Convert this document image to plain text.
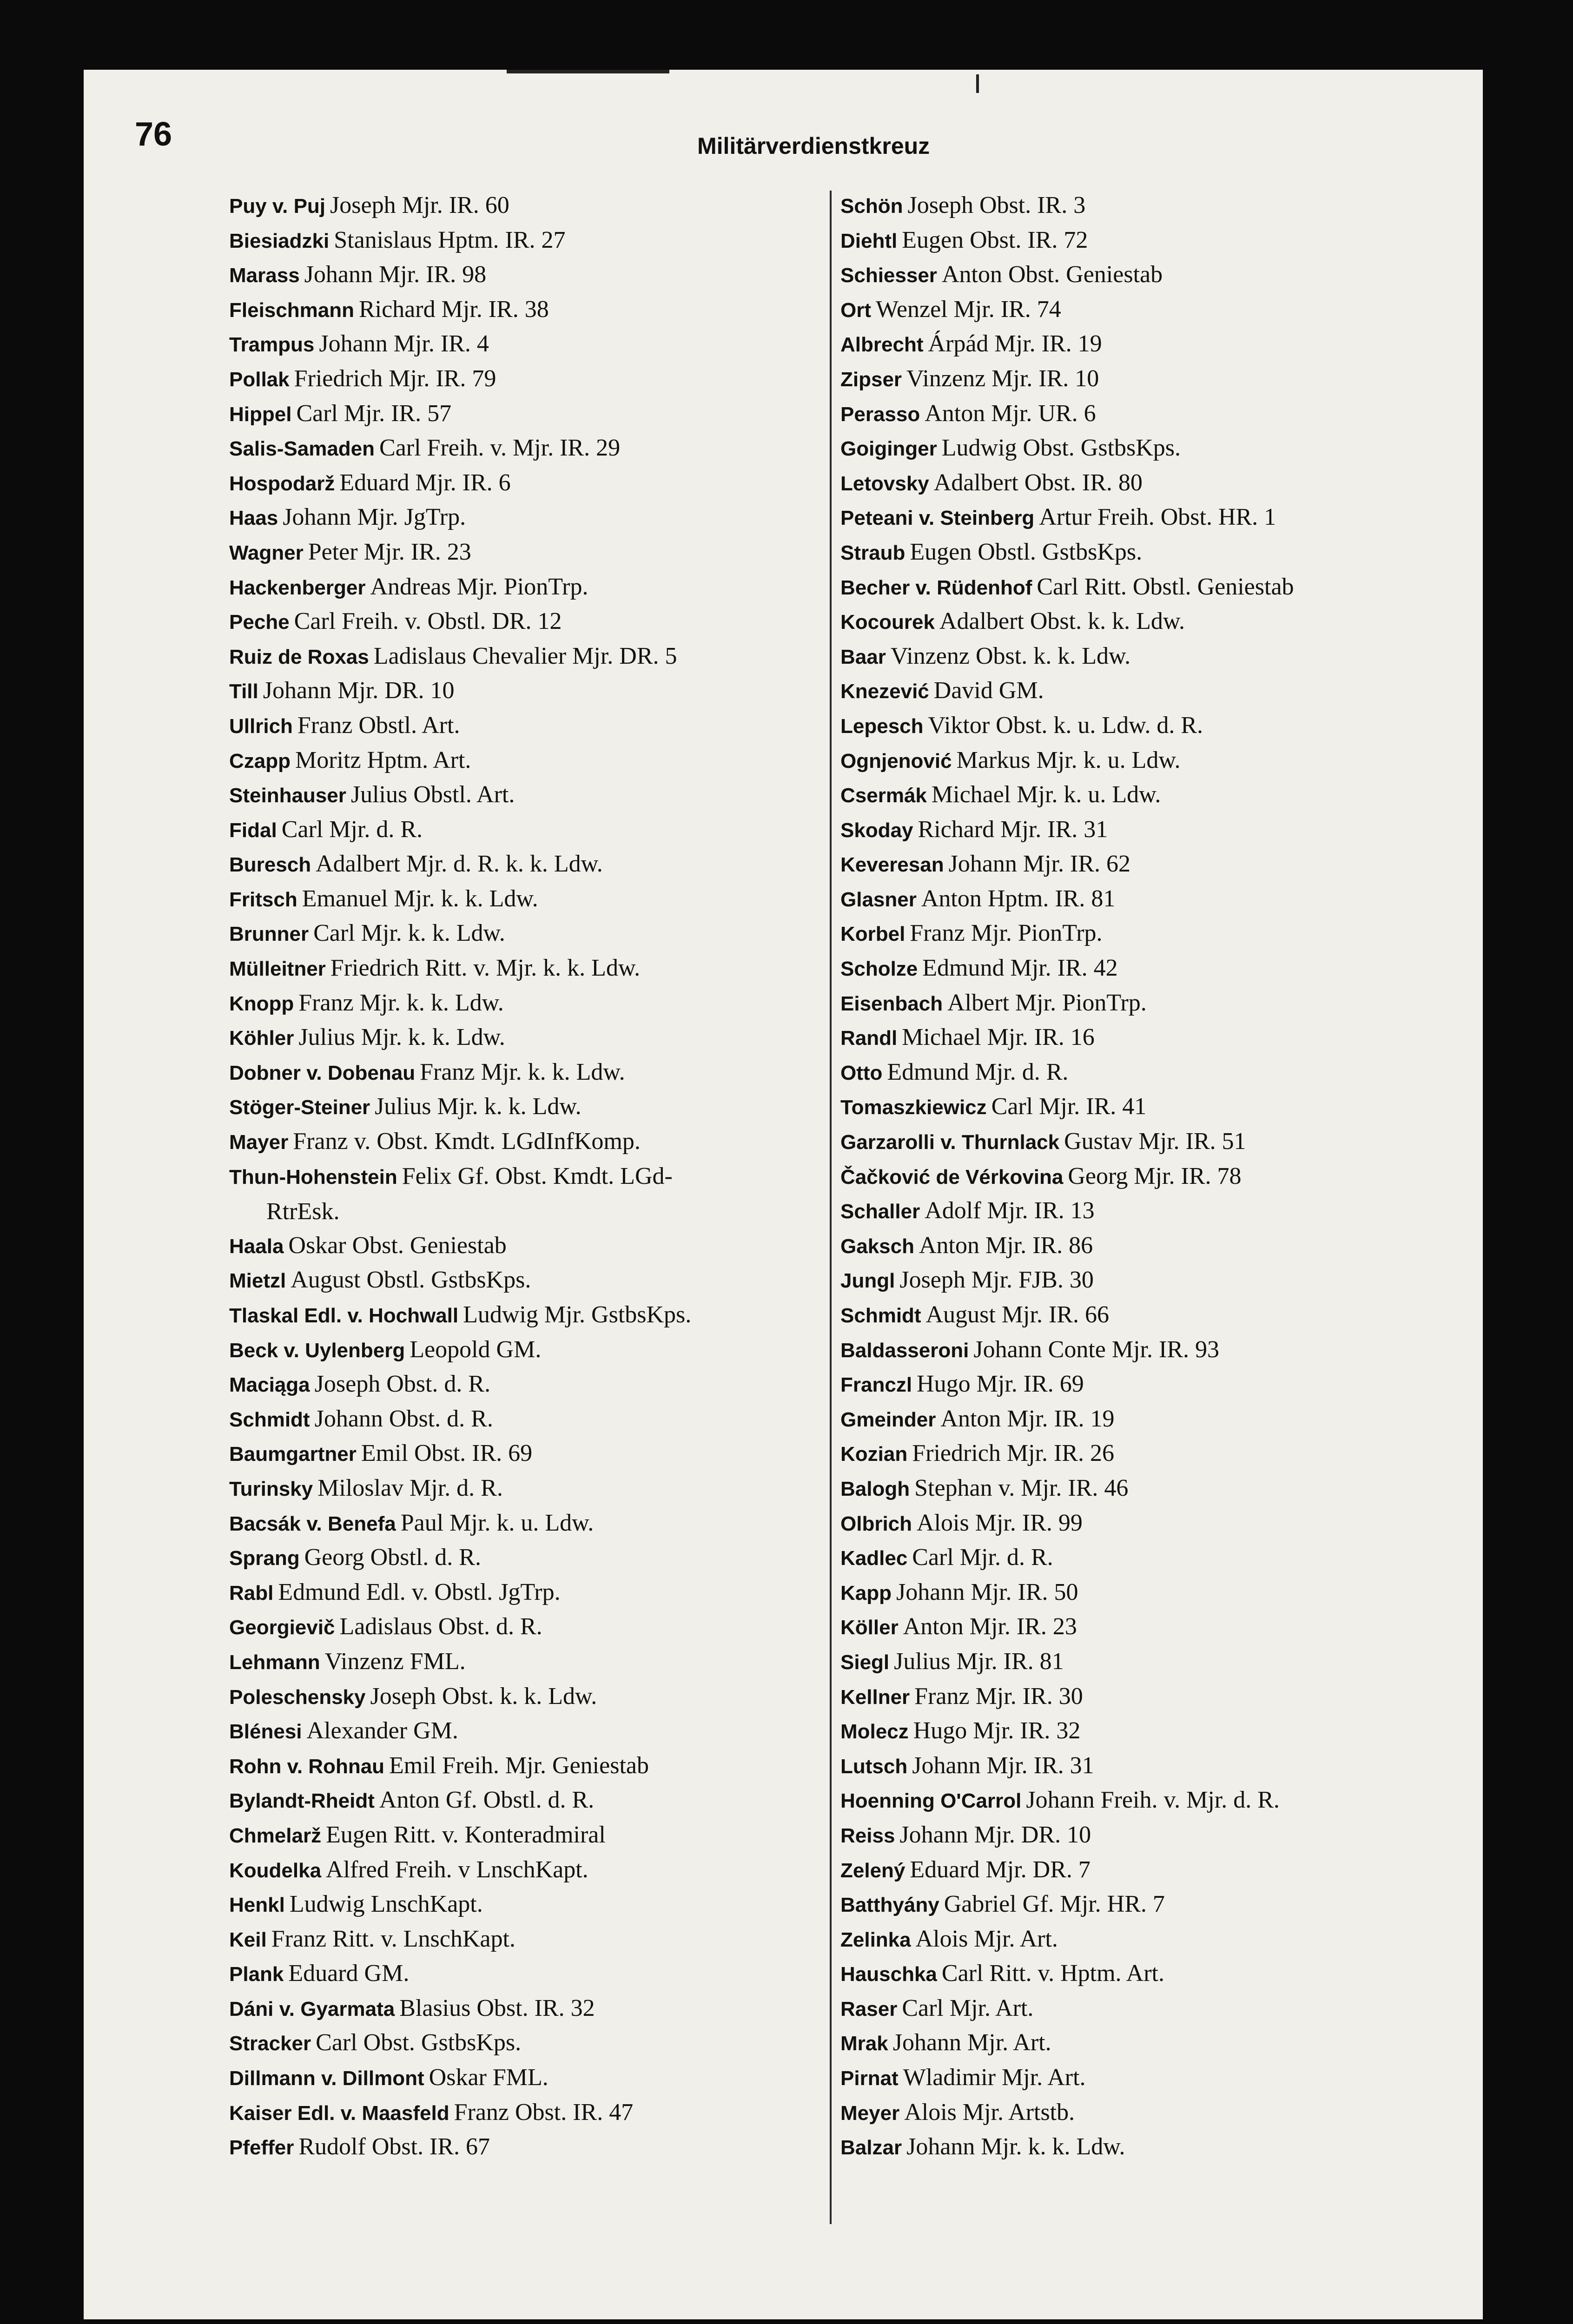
76	Militärverdienstkreuz
Puy v. Puj Joseph Mjr. IR. 60
Biesiadzki Stanislaus Hptm. IR. 27
Marass Johann Mjr. IR. 98
Fleischmann Richard Mjr. IR. 38
Trampus Johann Mjr. IR. 4
Pollak Friedrich Mjr. IR. 79
Hippel Carl Mjr. IR. 57
Salis-Samaden Carl Freih. v. Mjr. IR. 29
Hospodarž Eduard Mjr. IR. 6
Haas Johann Mjr. JgTrp.
Wagner Peter Mjr. IR. 23
Hackenberger Andreas Mjr. PionTrp.
Peche Carl Freih. v. Obstl. DR. 12
Ruiz de Roxas Ladislaus Chevalier Mjr. DR. 5
Till Johann Mjr. DR. 10
Ullrich Franz Obstl. Art.
Czapp Moritz Hptm. Art.
Steinhauser Julius Obstl. Art.
Fidal Carl Mjr. d. R.
Buresch Adalbert Mjr. d. R. k. k. Ldw.
Fritsch Emanuel Mjr. k. k. Ldw.
Brunner Carl Mjr. k. k. Ldw.
Mülleitner Friedrich Ritt. v. Mjr. k. k. Ldw.
Knopp Franz Mjr. k. k. Ldw.
Köhler Julius Mjr. k. k. Ldw.
Dobner v. Dobenau Franz Mjr. k. k. Ldw.
Stöger-Steiner Julius Mjr. k. k. Ldw.
Mayer Franz v. Obst. Kmdt. LGdInfKomp.
Thun-Hohenstein Felix Gf. Obst. Kmdt. LGd-
RtrEsk.
Haala Oskar Obst. Geniestab
Mietzl August Obstl. GstbsKps.
Tlaskal Edl. v. Hochwall Ludwig Mjr. GstbsKps.
Beck v. Uylenberg Leopold GM.
Maciąga Joseph Obst. d. R.
Schmidt Johann Obst. d. R.
Baumgartner Emil Obst. IR. 69
Turinsky Miloslav Mjr. d. R.
Bacsák v. Benefa Paul Mjr. k. u. Ldw.
Sprang Georg Obstl. d. R.
Rabl Edmund Edl. v. Obstl. JgTrp.
Georgievič Ladislaus Obst. d. R.
Lehmann Vinzenz FML.
Poleschensky Joseph Obst. k. k. Ldw.
Blénesi Alexander GM.
Rohn v. Rohnau Emil Freih. Mjr. Geniestab
Bylandt-Rheidt Anton Gf. Obstl. d. R.
Chmelarž Eugen Ritt. v. Konteradmiral
Koudelka Alfred Freih. v LnschKapt.
Henkl Ludwig LnschKapt.
Keil Franz Ritt. v. LnschKapt.
Plank Eduard GM.
Dáni v. Gyarmata Blasius Obst. IR. 32
Stracker Carl Obst. GstbsKps.
Dillmann v. Dillmont Oskar FML.
Kaiser Edl. v. Maasfeld Franz Obst. IR. 47
Pfeffer Rudolf Obst. IR. 67
Schön Joseph Obst. IR. 3
Diehtl Eugen Obst. IR. 72
Schiesser Anton Obst. Geniestab
Ort Wenzel Mjr. IR. 74
Albrecht Árpád Mjr. IR. 19
Zipser Vinzenz Mjr. IR. 10
Perasso Anton Mjr. UR. 6
Goiginger Ludwig Obst. GstbsKps.
Letovsky Adalbert Obst. IR. 80
Peteani v. Steinberg Artur Freih. Obst. HR. 1
Straub Eugen Obstl. GstbsKps.
Becher v. Rüdenhof Carl Ritt. Obstl. Geniestab
Kocourek Adalbert Obst. k. k. Ldw.
Baar Vinzenz Obst. k. k. Ldw.
Knezević David GM.
Lepesch Viktor Obst. k. u. Ldw. d. R.
Ognjenović Markus Mjr. k. u. Ldw.
Csermák Michael Mjr. k. u. Ldw.
Skoday Richard Mjr. IR. 31
Keveresan Johann Mjr. IR. 62
Glasner Anton Hptm. IR. 81
Korbel Franz Mjr. PionTrp.
Scholze Edmund Mjr. IR. 42
Eisenbach Albert Mjr. PionTrp.
Randl Michael Mjr. IR. 16
Otto Edmund Mjr. d. R.
Tomaszkiewicz Carl Mjr. IR. 41
Garzarolli v. Thurnlack Gustav Mjr. IR. 51
Čačković de Vérkovina Georg Mjr. IR. 78
Schaller Adolf Mjr. IR. 13
Gaksch Anton Mjr. IR. 86
Jungl Joseph Mjr. FJB. 30
Schmidt August Mjr. IR. 66
Baldasseroni Johann Conte Mjr. IR. 93
Franczl Hugo Mjr. IR. 69
Gmeinder Anton Mjr. IR. 19
Kozian Friedrich Mjr. IR. 26
Balogh Stephan v. Mjr. IR. 46
Olbrich Alois Mjr. IR. 99
Kadlec Carl Mjr. d. R.
Kapp Johann Mjr. IR. 50
Köller Anton Mjr. IR. 23
Siegl Julius Mjr. IR. 81
Kellner Franz Mjr. IR. 30
Molecz Hugo Mjr. IR. 32
Lutsch Johann Mjr. IR. 31
Hoenning O'Carrol Johann Freih. v. Mjr. d. R.
Reiss Johann Mjr. DR. 10
Zelený Eduard Mjr. DR. 7
Batthyány Gabriel Gf. Mjr. HR. 7
Zelinka Alois Mjr. Art.
Hauschka Carl Ritt. v. Hptm. Art.
Raser Carl Mjr. Art.
Mrak Johann Mjr. Art.
Pirnat Wladimir Mjr. Art.
Meyer Alois Mjr. Artstb.
Balzar Johann Mjr. k. k. Ldw.
